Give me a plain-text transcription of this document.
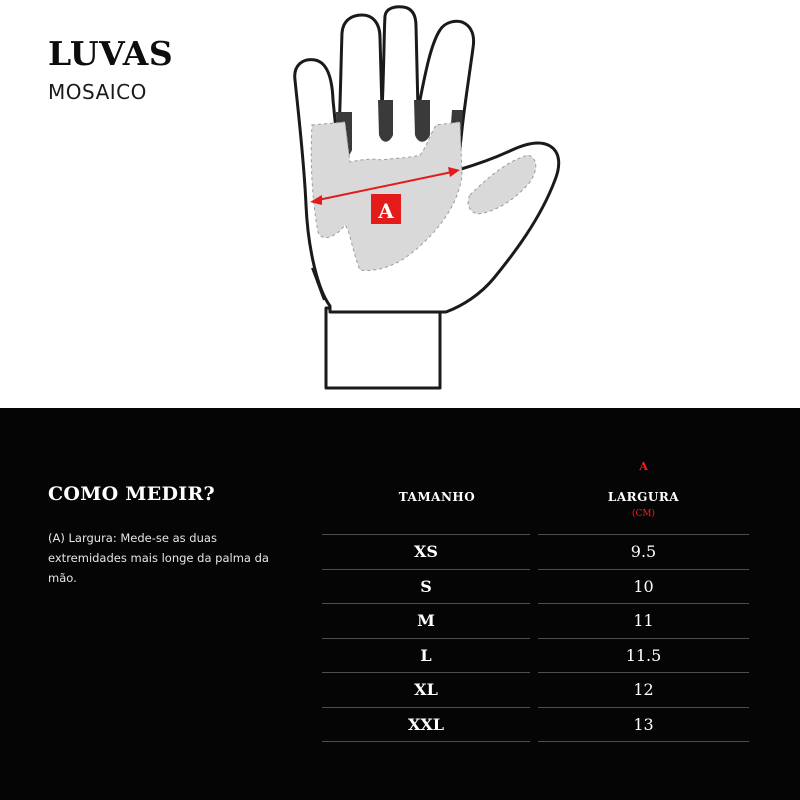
LUVAS

MOSAICO

A
COMO MEDIR?

(A) Largura: Mede-se as duas extremidades mais longe da palma da mão.

TAMANHO
A
LARGURA
(CM)
XS	9.5
S	10
M	11
L	11.5
XL	12
XXL	13
